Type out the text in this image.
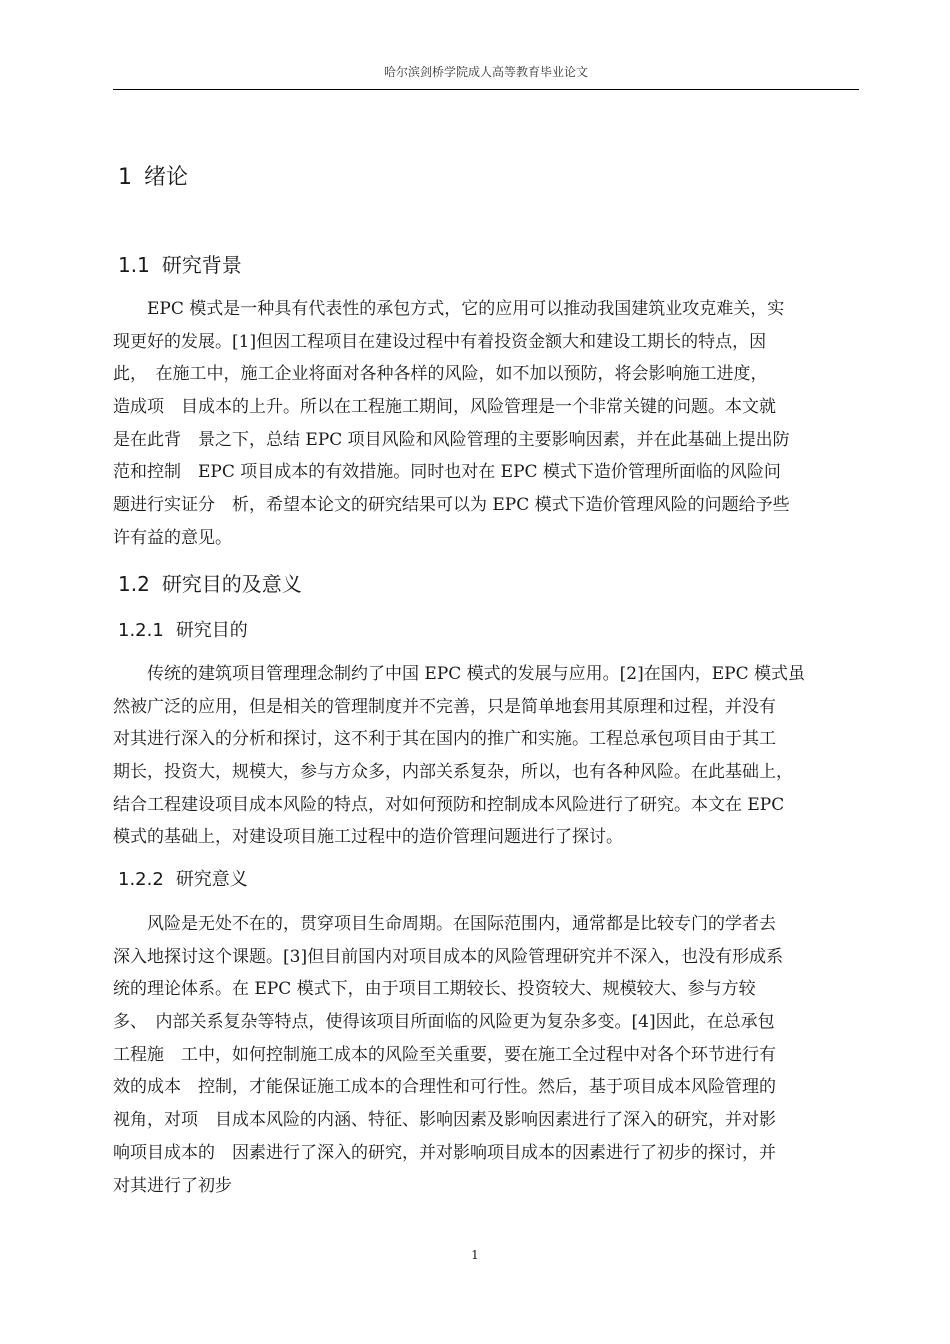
哈尔滨剑桥学院成人高等教育毕业论文
1 绪论
1.1 研究背景
　　EPC 模式是一种具有代表性的承包方式，它的应用可以推动我国建筑业攻克难关，实
现更好的发展。[1]但因工程项目在建设过程中有着投资金额大和建设工期长的特点，因
此，　在施工中，施工企业将面对各种各样的风险，如不加以预防，将会影响施工进度，
造成项　目成本的上升。所以在工程施工期间，风险管理是一个非常关键的问题。本文就
是在此背　景之下，总结 EPC 项目风险和风险管理的主要影响因素，并在此基础上提出防
范和控制　EPC 项目成本的有效措施。同时也对在 EPC 模式下造价管理所面临的风险问
题进行实证分　析，希望本论文的研究结果可以为 EPC 模式下造价管理风险的问题给予些
许有益的意见。
1.2 研究目的及意义
1.2.1 研究目的
　　传统的建筑项目管理理念制约了中国 EPC 模式的发展与应用。[2]在国内，EPC 模式虽
然被广泛的应用，但是相关的管理制度并不完善，只是简单地套用其原理和过程，并没有
对其进行深入的分析和探讨，这不利于其在国内的推广和实施。工程总承包项目由于其工
期长，投资大，规模大，参与方众多，内部关系复杂，所以，也有各种风险。在此基础上，
结合工程建设项目成本风险的特点，对如何预防和控制成本风险进行了研究。本文在 EPC
模式的基础上，对建设项目施工过程中的造价管理问题进行了探讨。
1.2.2 研究意义
　　风险是无处不在的，贯穿项目生命周期。在国际范围内，通常都是比较专门的学者去
深入地探讨这个课题。[3]但目前国内对项目成本的风险管理研究并不深入，也没有形成系
统的理论体系。在 EPC 模式下，由于项目工期较长、投资较大、规模较大、参与方较
多、　内部关系复杂等特点，使得该项目所面临的风险更为复杂多变。[4]因此，在总承包
工程施　工中，如何控制施工成本的风险至关重要，要在施工全过程中对各个环节进行有
效的成本　控制，才能保证施工成本的合理性和可行性。然后，基于项目成本风险管理的
视角，对项　目成本风险的内涵、特征、影响因素及影响因素进行了深入的研究，并对影
响项目成本的　因素进行了深入的研究，并对影响项目成本的因素进行了初步的探讨，并
对其进行了初步
1
